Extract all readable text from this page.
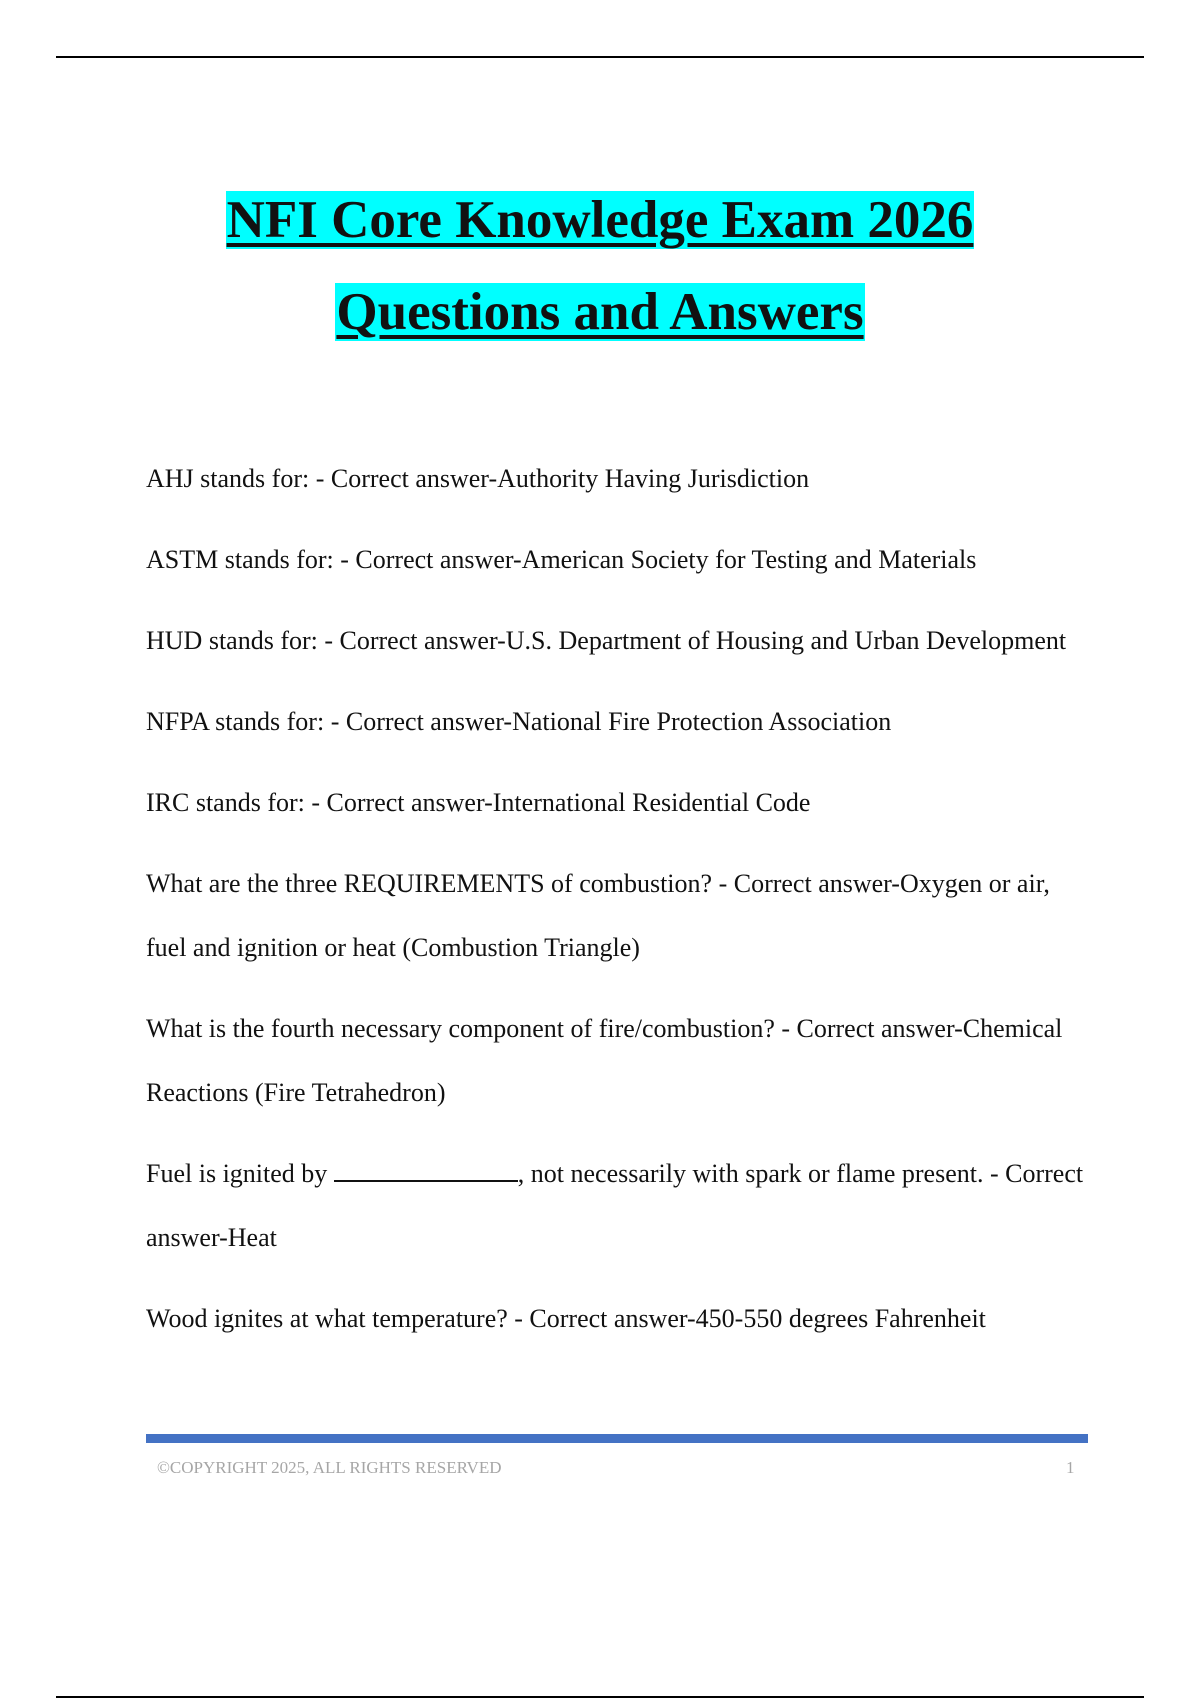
NFI Core Knowledge Exam 2026
Questions and Answers

AHJ stands for: - Correct answer-Authority Having Jurisdiction

ASTM stands for: - Correct answer-American Society for Testing and Materials

HUD stands for: - Correct answer-U.S. Department of Housing and Urban Development

NFPA stands for: - Correct answer-National Fire Protection Association

IRC stands for: - Correct answer-International Residential Code

What are the three REQUIREMENTS of combustion? - Correct answer-Oxygen or air, fuel and ignition or heat (Combustion Triangle)

What is the fourth necessary component of fire/combustion? - Correct answer-Chemical Reactions (Fire Tetrahedron)

Fuel is ignited by	, not necessarily with spark or flame present. - Correct answer-Heat

Wood ignites at what temperature? - Correct answer-450-550 degrees Fahrenheit

©COPYRIGHT 2025, ALL RIGHTS RESERVED	1
